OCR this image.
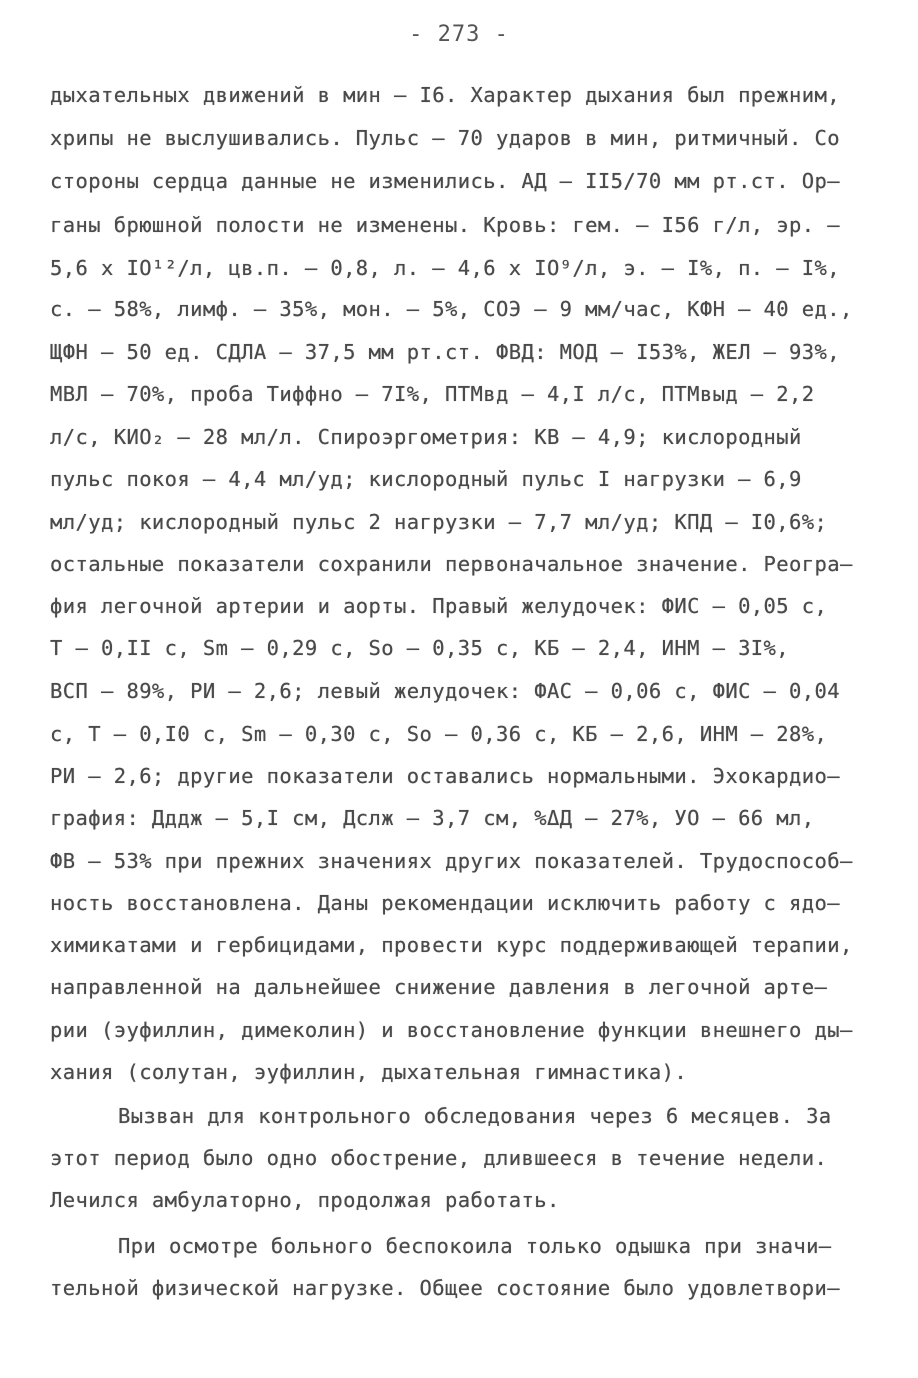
- 273 -
дыхательных движений в мин – I6. Характер дыхания был прежним,
хрипы не выслушивались. Пульс – 70 ударов в мин, ритмичный. Со
стороны сердца данные не изменились. АД – II5/70 мм рт.ст. Ор–
ганы брюшной полости не изменены. Кровь: гем. – I56 г/л, эр. –
5,6 х IO¹²/л, цв.п. – 0,8, л. – 4,6 х IO⁹/л, э. – I%, п. – I%,
с. – 58%, лимф. – 35%, мон. – 5%, СОЭ – 9 мм/час, КФН – 40 ед.,
ЩФН – 50 ед. СДЛА – 37,5 мм рт.ст. ФВД: МОД – I53%, ЖЕЛ – 93%,
МВЛ – 70%, проба Тиффно – 7I%, ПТМвд – 4,I л/с, ПТМвыд – 2,2
л/с, КИО₂ – 28 мл/л. Спироэргометрия: КВ – 4,9; кислородный
пульс покоя – 4,4 мл/уд; кислородный пульс I нагрузки – 6,9
мл/уд; кислородный пульс 2 нагрузки – 7,7 мл/уд; КПД – I0,6%;
остальные показатели сохранили первоначальное значение. Реогра–
фия легочной артерии и аорты. Правый желудочек: ФИС – 0,05 с,
Т – 0,II с, Sm – 0,29 с, So – 0,35 с, КБ – 2,4, ИНМ – 3I%,
ВСП – 89%, РИ – 2,6; левый желудочек: ФАС – 0,06 с, ФИС – 0,04
с, Т – 0,I0 с, Sm – 0,30 с, So – 0,36 с, КБ – 2,6, ИНМ – 28%,
РИ – 2,6; другие показатели оставались нормальными. Эхокардио–
графия: Дддж – 5,I см, Дслж – 3,7 см, %ΔД – 27%, УО – 66 мл,
ФВ – 53% при прежних значениях других показателей. Трудоспособ–
ность восстановлена. Даны рекомендации исключить работу с ядо–
химикатами и гербицидами, провести курс поддерживающей терапии,
направленной на дальнейшее снижение давления в легочной арте–
рии (эуфиллин, димеколин) и восстановление функции внешнего ды–
хания (солутан, эуфиллин, дыхательная гимнастика).
Вызван для контрольного обследования через 6 месяцев. За
этот период было одно обострение, длившееся в течение недели.
Лечился амбулаторно, продолжая работать.
При осмотре больного беспокоила только одышка при значи–
тельной физической нагрузке. Общее состояние было удовлетвори–
